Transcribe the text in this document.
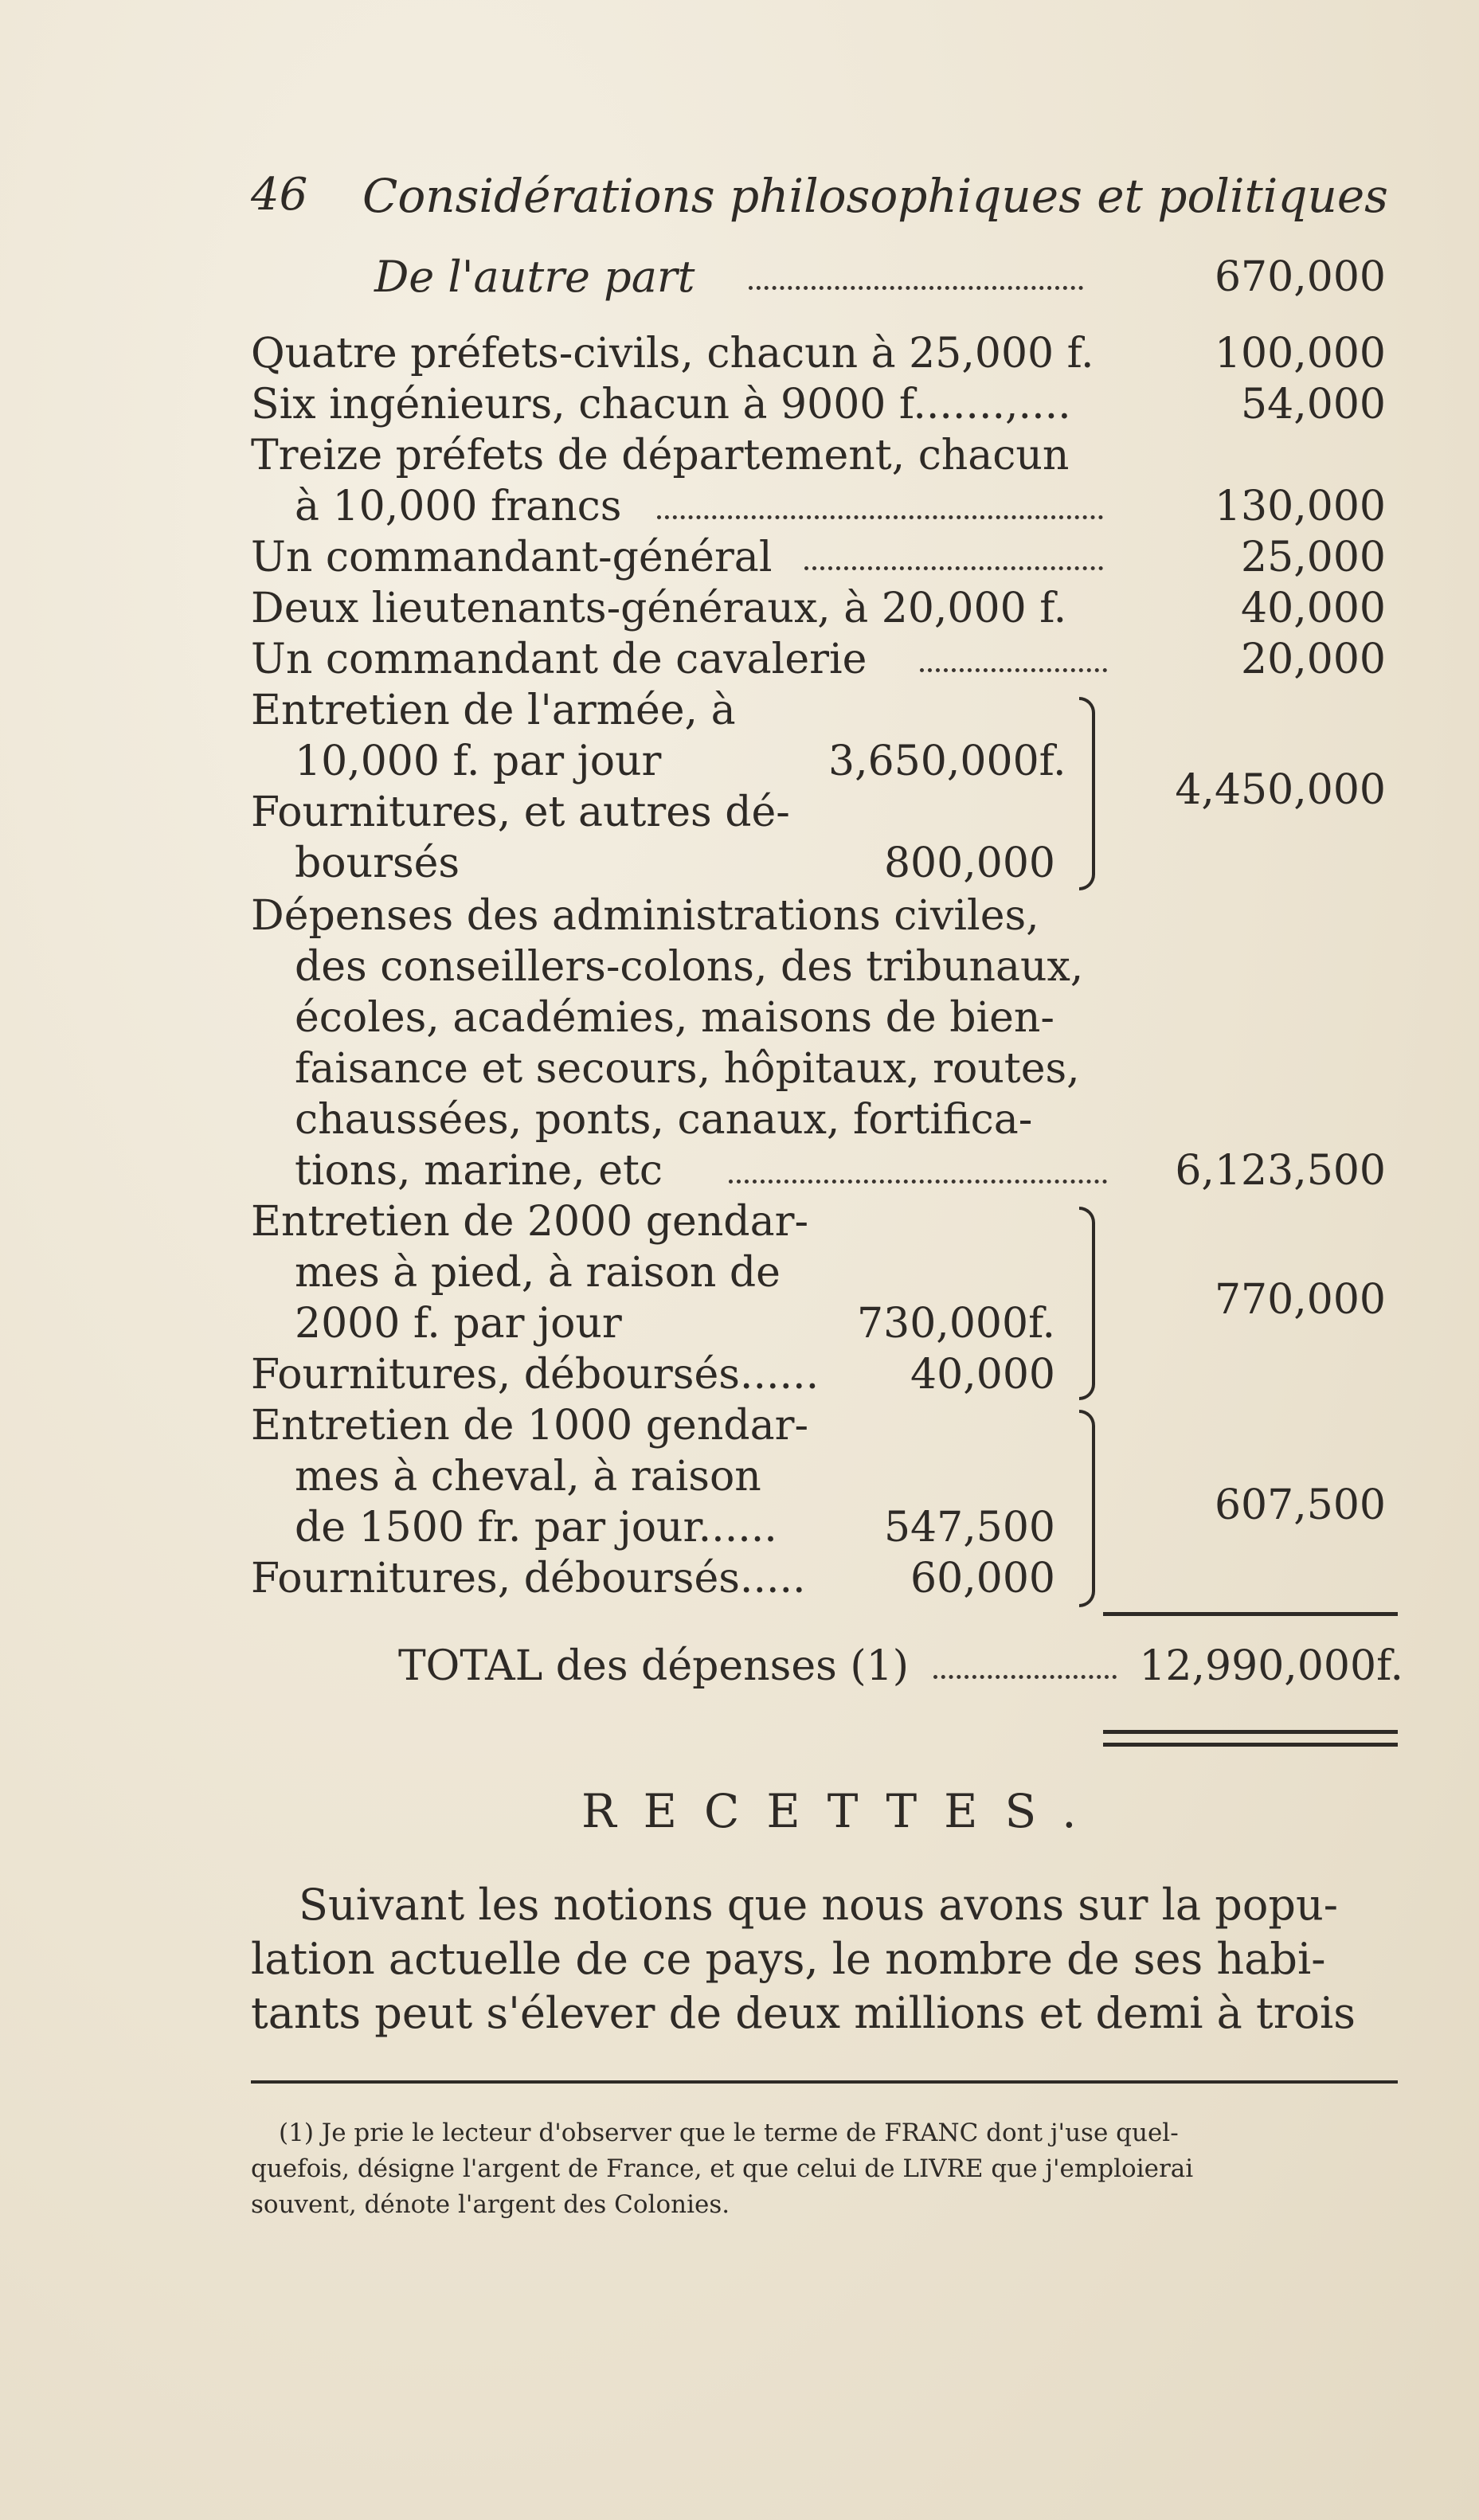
46 Considérations philosophiques et politiques
De l'autre part	670,000
Quatre préfets-civils, chacun à 25,000 f.	100,000
Six ingénieurs, chacun à 9000 f.......,....	54,000
Treize préfets de département, chacun
à 10,000 francs	130,000
Un commandant-général	25,000
Deux lieutenants-généraux, à 20,000 f.	40,000
Un commandant de cavalerie	20,000
Entretien de l'armée, à
10,000 f. par jour	3,650,000f.
Fournitures, et autres dé-
boursés	800,000
4,450,000
Dépenses des administrations civiles,
des conseillers-colons, des tribunaux,
écoles, académies, maisons de bien-
faisance et secours, hôpitaux, routes,
chaussées, ponts, canaux, fortifica-
tions, marine, etc	6,123,500
Entretien de 2000 gendar-
mes à pied, à raison de
2000 f. par jour	730,000f.
Fournitures, déboursés......	40,000
770,000
Entretien de 1000 gendar-
mes à cheval, à raison
de 1500 fr. par jour......	547,500
Fournitures, déboursés.....	60,000
607,500
TOTAL des dépenses (1)	12,990,000f.
RECETTES.
Suivant les notions que nous avons sur la popu-
lation actuelle de ce pays, le nombre de ses habi-
tants peut s'élever de deux millions et demi à trois
(1) Je prie le lecteur d'observer que le terme de FRANC dont j'use quel-
quefois, désigne l'argent de France, et que celui de LIVRE que j'emploierai
souvent, dénote l'argent des Colonies.
